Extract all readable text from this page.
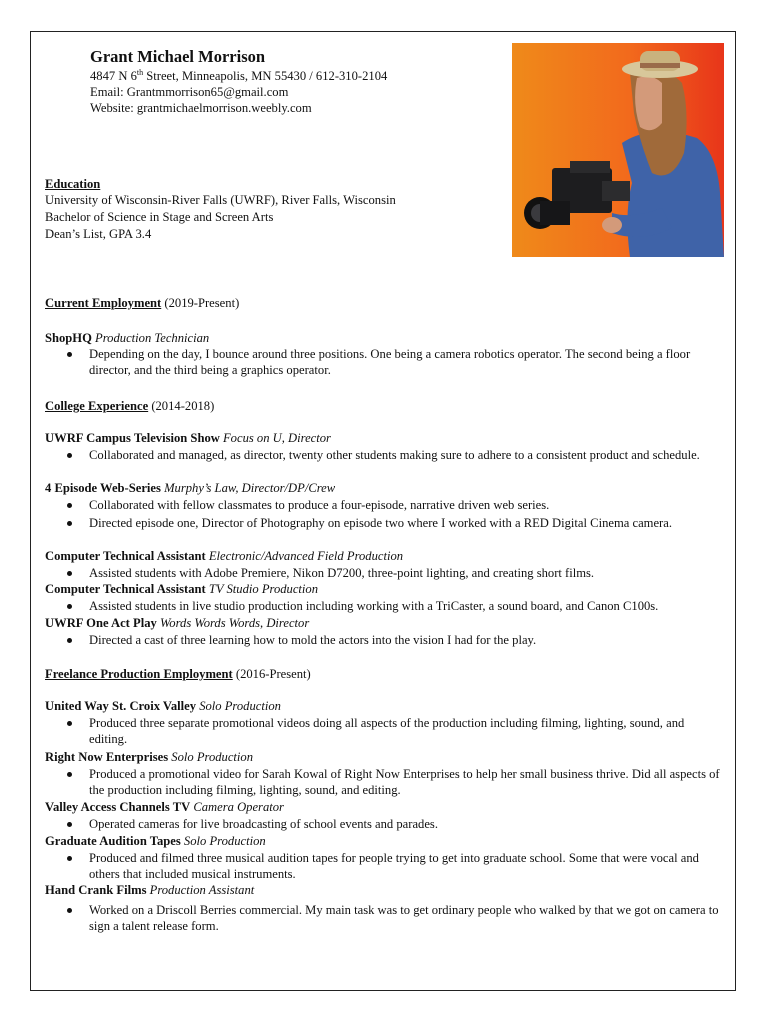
Grant Michael Morrison
4847 N 6th Street, Minneapolis, MN 55430 / 612-310-2104
Email: Grantmmorrison65@gmail.com
Website: grantmichaelmorrison.weebly.com
Education
University of Wisconsin-River Falls (UWRF), River Falls, Wisconsin
Bachelor of Science in Stage and Screen Arts
Dean’s List, GPA 3.4
Current Employment (2019-Present)
ShopHQ Production Technician
Depending on the day, I bounce around three positions. One being a camera robotics operator. The second being a floor director, and the third being a graphics operator.
College Experience (2014-2018)
UWRF Campus Television Show Focus on U, Director
Collaborated and managed, as director, twenty other students making sure to adhere to a consistent product and schedule.
4 Episode Web-Series Murphy’s Law, Director/DP/Crew
Collaborated with fellow classmates to produce a four-episode, narrative driven web series.
Directed episode one, Director of Photography on episode two where I worked with a RED Digital Cinema camera.
Computer Technical Assistant Electronic/Advanced Field Production
Assisted students with Adobe Premiere, Nikon D7200, three-point lighting, and creating short films.
Computer Technical Assistant TV Studio Production
Assisted students in live studio production including working with a TriCaster, a sound board, and Canon C100s.
UWRF One Act Play Words Words Words, Director
Directed a cast of three learning how to mold the actors into the vision I had for the play.
Freelance Production Employment (2016-Present)
United Way St. Croix Valley Solo Production
Produced three separate promotional videos doing all aspects of the production including filming, lighting, sound, and editing.
Right Now Enterprises Solo Production
Produced a promotional video for Sarah Kowal of Right Now Enterprises to help her small business thrive. Did all aspects of the production including filming, lighting, sound, and editing.
Valley Access Channels TV Camera Operator
Operated cameras for live broadcasting of school events and parades.
Graduate Audition Tapes Solo Production
Produced and filmed three musical audition tapes for people trying to get into graduate school. Some that were vocal and others that included musical instruments.
Hand Crank Films Production Assistant
Worked on a Driscoll Berries commercial. My main task was to get ordinary people who walked by that we got on camera to sign a talent release form.
